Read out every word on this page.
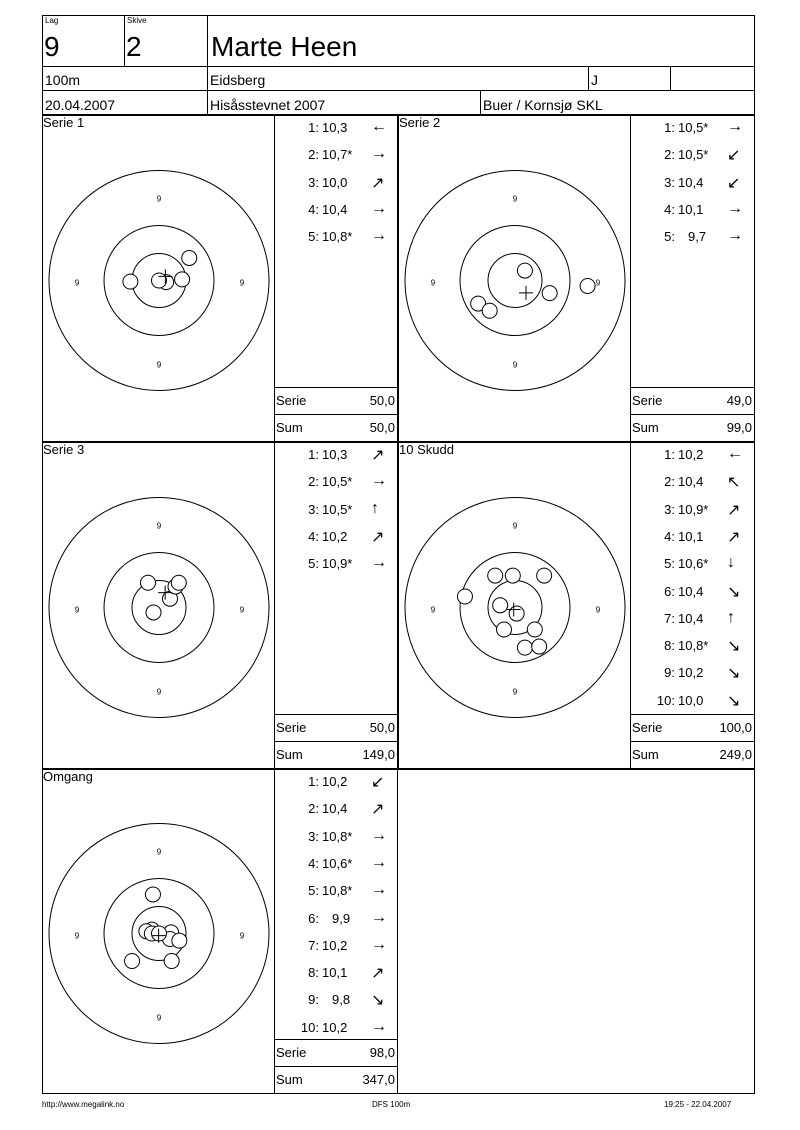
Lag
9
Skive
2 Marte Heen
100m	Eidsberg	J
20.04.2007	Hisåsstevnet 2007	Buer / Kornsjø SKL
Serie 1
9
9
9	9
1: 10,3	←
2: 10,7*	→
3: 10,0	↗
4: 10,4	→
5: 10,8*	→
Serie	50,0
Sum	50,0
Serie 2
9
9
9	9
1: 10,5*	→
2: 10,5*	↙
3: 10,4	↙
4: 10,1	→
5: 9,7	→
Serie	49,0
Sum	99,0
Serie 3
9
9
9	9
1: 10,3	↗
2: 10,5*	→
3: 10,5*	↑
4: 10,2	↗
5: 10,9*	→
Serie	50,0
Sum	149,0
10 Skudd
9
9
9	9
1: 10,2	←
2: 10,4	↖
3: 10,9*	↗
4: 10,1	↗
5: 10,6*	↓
6: 10,4	↘
7: 10,4	↑
8: 10,8*	↘
9: 10,2	↘
10: 10,0	↘
Serie	100,0
Sum	249,0
Omgang
9
9
9	9
1: 10,2	↙
2: 10,4	↗
3: 10,8*	→
4: 10,6*	→
5: 10,8*	→
6: 9,9	→
7: 10,2	→
8: 10,1	↗
9: 9,8	↘
10: 10,2	→
Serie	98,0
Sum	347,0
http://www.megalink.no	DFS 100m	19:25 - 22.04.2007
